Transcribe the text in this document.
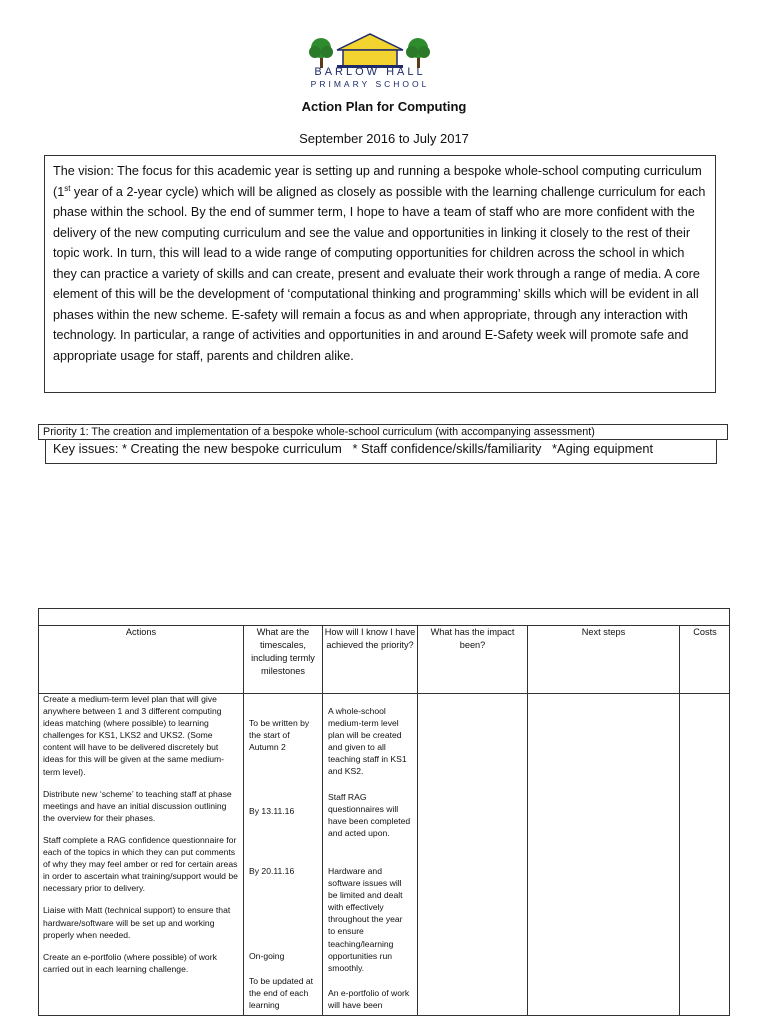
BARLOW HALL
PRIMARY SCHOOL
Action Plan for Computing
September 2016 to July 2017
The vision: The focus for this academic year is setting up and running a bespoke whole-school computing curriculum (1st year of a 2-year cycle) which will be aligned as closely as possible with the learning challenge curriculum for each phase within the school. By the end of summer term, I hope to have a team of staff who are more confident with the delivery of the new computing curriculum and see the value and opportunities in linking it closely to the rest of their topic work. In turn, this will lead to a wide range of computing opportunities for children across the school in which they can practice a variety of skills and can create, present and evaluate their work through a range of media. A core element of this will be the development of ‘computational thinking and programming’ skills which will be evident in all phases within the new scheme. E-safety will remain a focus as and when appropriate, through any interaction with technology. In particular, a range of activities and opportunities in and around E-Safety week will promote safe and appropriate usage for staff, parents and children alike.
Priority 1: The creation and implementation of a bespoke whole-school curriculum (with accompanying assessment)
Key issues: * Creating the new bespoke curriculum   * Staff confidence/skills/familiarity   *Aging equipment
Actions	What are the timescales, including termly milestones
How will I know I have achieved the priority?
What has the impact been?
Next steps	Costs

Create a medium-term level plan that will give anywhere between 1 and 3 different computing ideas matching (where possible) to learning challenges for KS1, LKS2 and UKS2. (Some content will have to be delivered discretely but ideas for this will be given at the same medium-term level).

Distribute new ‘scheme’ to teaching staff at phase meetings and have an initial discussion outlining the overview for their phases.

Staff complete a RAG confidence questionnaire for each of the topics in which they can put comments of why they may feel amber or red for certain areas in order to ascertain what training/support would be necessary prior to delivery.

Liaise with Matt (technical support) to ensure that hardware/software will be set up and working properly when needed.

Create an e-portfolio (where possible) of work carried out in each learning challenge.

To be written by the start of Autumn 2
By 13.11.16
By 20.11.16
On-going
To be updated at the end of each learning
A whole-school medium-term level plan will be created and given to all teaching staff in KS1 and KS2.
Staff RAG questionnaires will have been completed and acted upon.
Hardware and software issues will be limited and dealt with effectively throughout the year to ensure teaching/learning opportunities run smoothly.
An e-portfolio of work will have been
